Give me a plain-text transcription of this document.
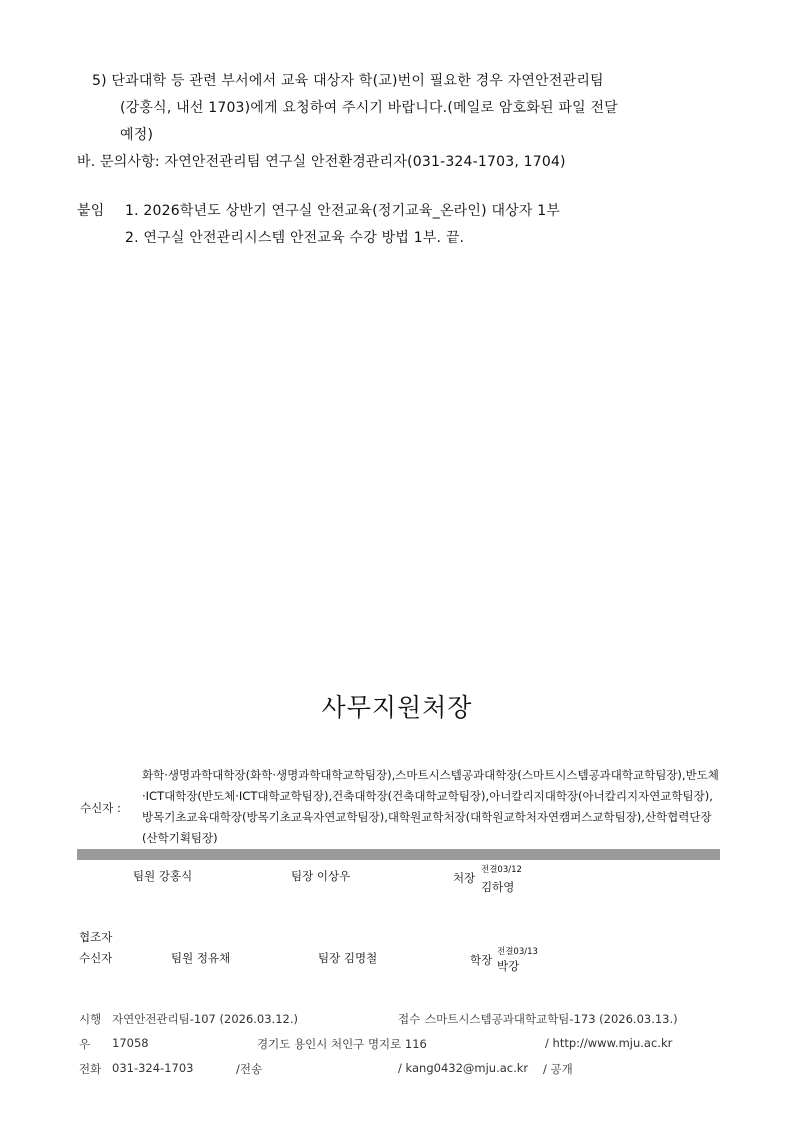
5) 단과대학 등 관련 부서에서 교육 대상자 학(교)번이 필요한 경우 자연안전관리팀
(강홍식, 내선 1703)에게 요청하여 주시기 바랍니다.(메일로 암호화된 파일 전달
예정)
바. 문의사항: 자연안전관리팀 연구실 안전환경관리자(031-324-1703, 1704)
붙임 1. 2026학년도 상반기 연구실 안전교육(정기교육_온라인) 대상자 1부
2. 연구실 안전관리시스템 안전교육 수강 방법 1부. 끝.
사무지원처장
수신자 :
화학·생명과학대학장(화학·생명과학대학교학팀장),스마트시스템공과대학장(스마트시스템공과대학교학팀장),반도체·ICT대학장(반도체·ICT대학교학팀장),건축대학장(건축대학교학팀장),아너칼리지대학장(아너칼리지자연교학팀장),방목기초교육대학장(방목기초교육자연교학팀장),대학원교학처장(대학원교학처자연캠퍼스교학팀장),산학협력단장(산학기획팀장)
팀원 강홍식	팀장 이상우	처장
전결03/12
김하영
협조자
수신자	팀원 정유채	팀장 김명철	학장
전결03/13
박강
시행 자연안전관리팀-107 (2026.03.12.)	접수 스마트시스템공과대학교학팀-173 (2026.03.13.)
우 17058	경기도 용인시 처인구 명지로 116	/ http://www.mju.ac.kr
전화 031-324-1703	/전송	/ kang0432@mju.ac.kr / 공개
